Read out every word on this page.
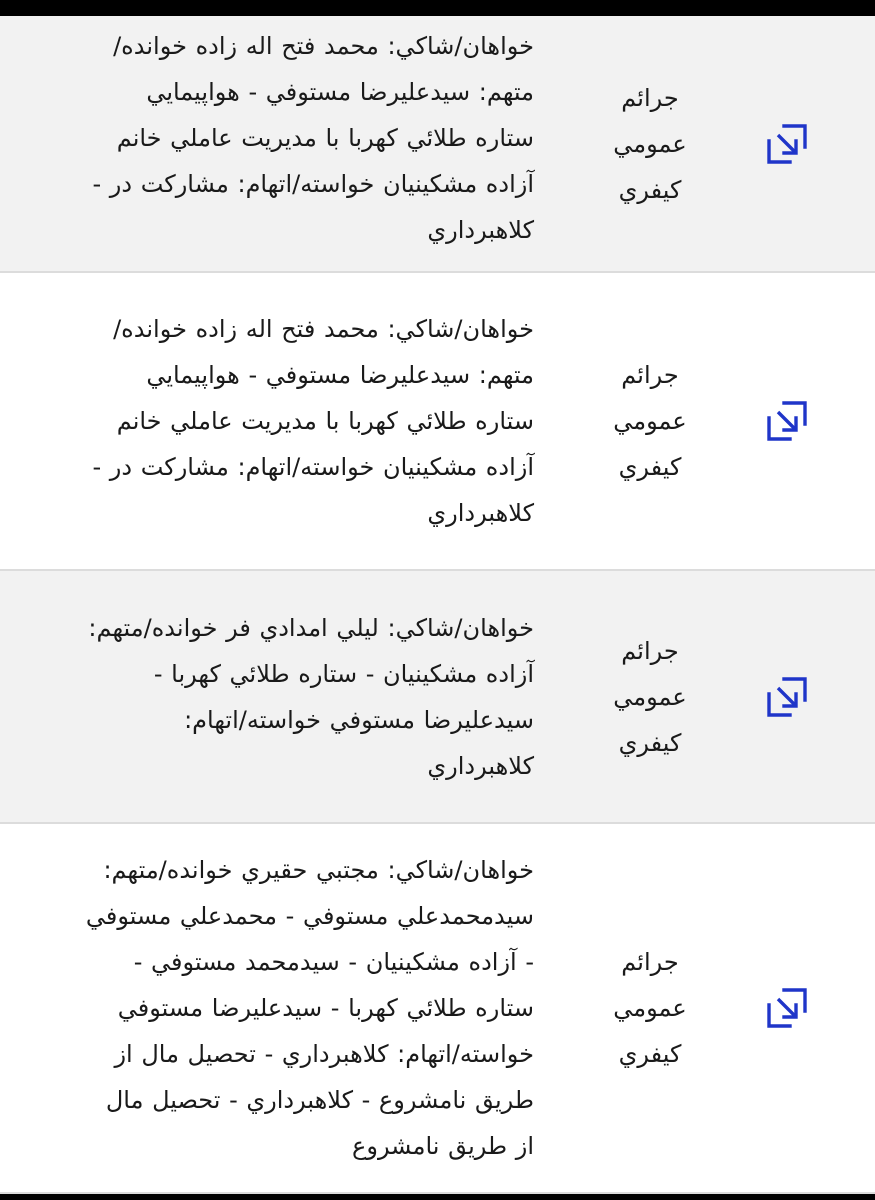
خواهان/شاكي: محمد فتح اله زاده خوانده/
متهم: سيدعليرضا مستوفي - هواپيمايي
ستاره طلائي كهربا با مديريت عاملي خانم
آزاده مشكينيان خواسته/اتهام: مشاركت در -
كلاهبرداري
جرائم
عمومي
كيفري
خواهان/شاكي: محمد فتح اله زاده خوانده/
متهم: سيدعليرضا مستوفي - هواپيمايي
ستاره طلائي كهربا با مديريت عاملي خانم
آزاده مشكينيان خواسته/اتهام: مشاركت در -
كلاهبرداري
جرائم
عمومي
كيفري
خواهان/شاكي: ليلي امدادي فر خوانده/متهم:
آزاده مشكينيان - ستاره طلائي كهربا -
سيدعليرضا مستوفي خواسته/اتهام:
كلاهبرداري
جرائم
عمومي
كيفري
خواهان/شاكي: مجتبي حقيري خوانده/متهم:
سيدمحمدعلي مستوفي - محمدعلي مستوفي
- آزاده مشكينيان - سيدمحمد مستوفي -
ستاره طلائي كهربا - سيدعليرضا مستوفي
خواسته/اتهام: كلاهبرداري - تحصيل مال از
طريق نامشروع - كلاهبرداري - تحصيل مال
از طريق نامشروع
جرائم
عمومي
كيفري
